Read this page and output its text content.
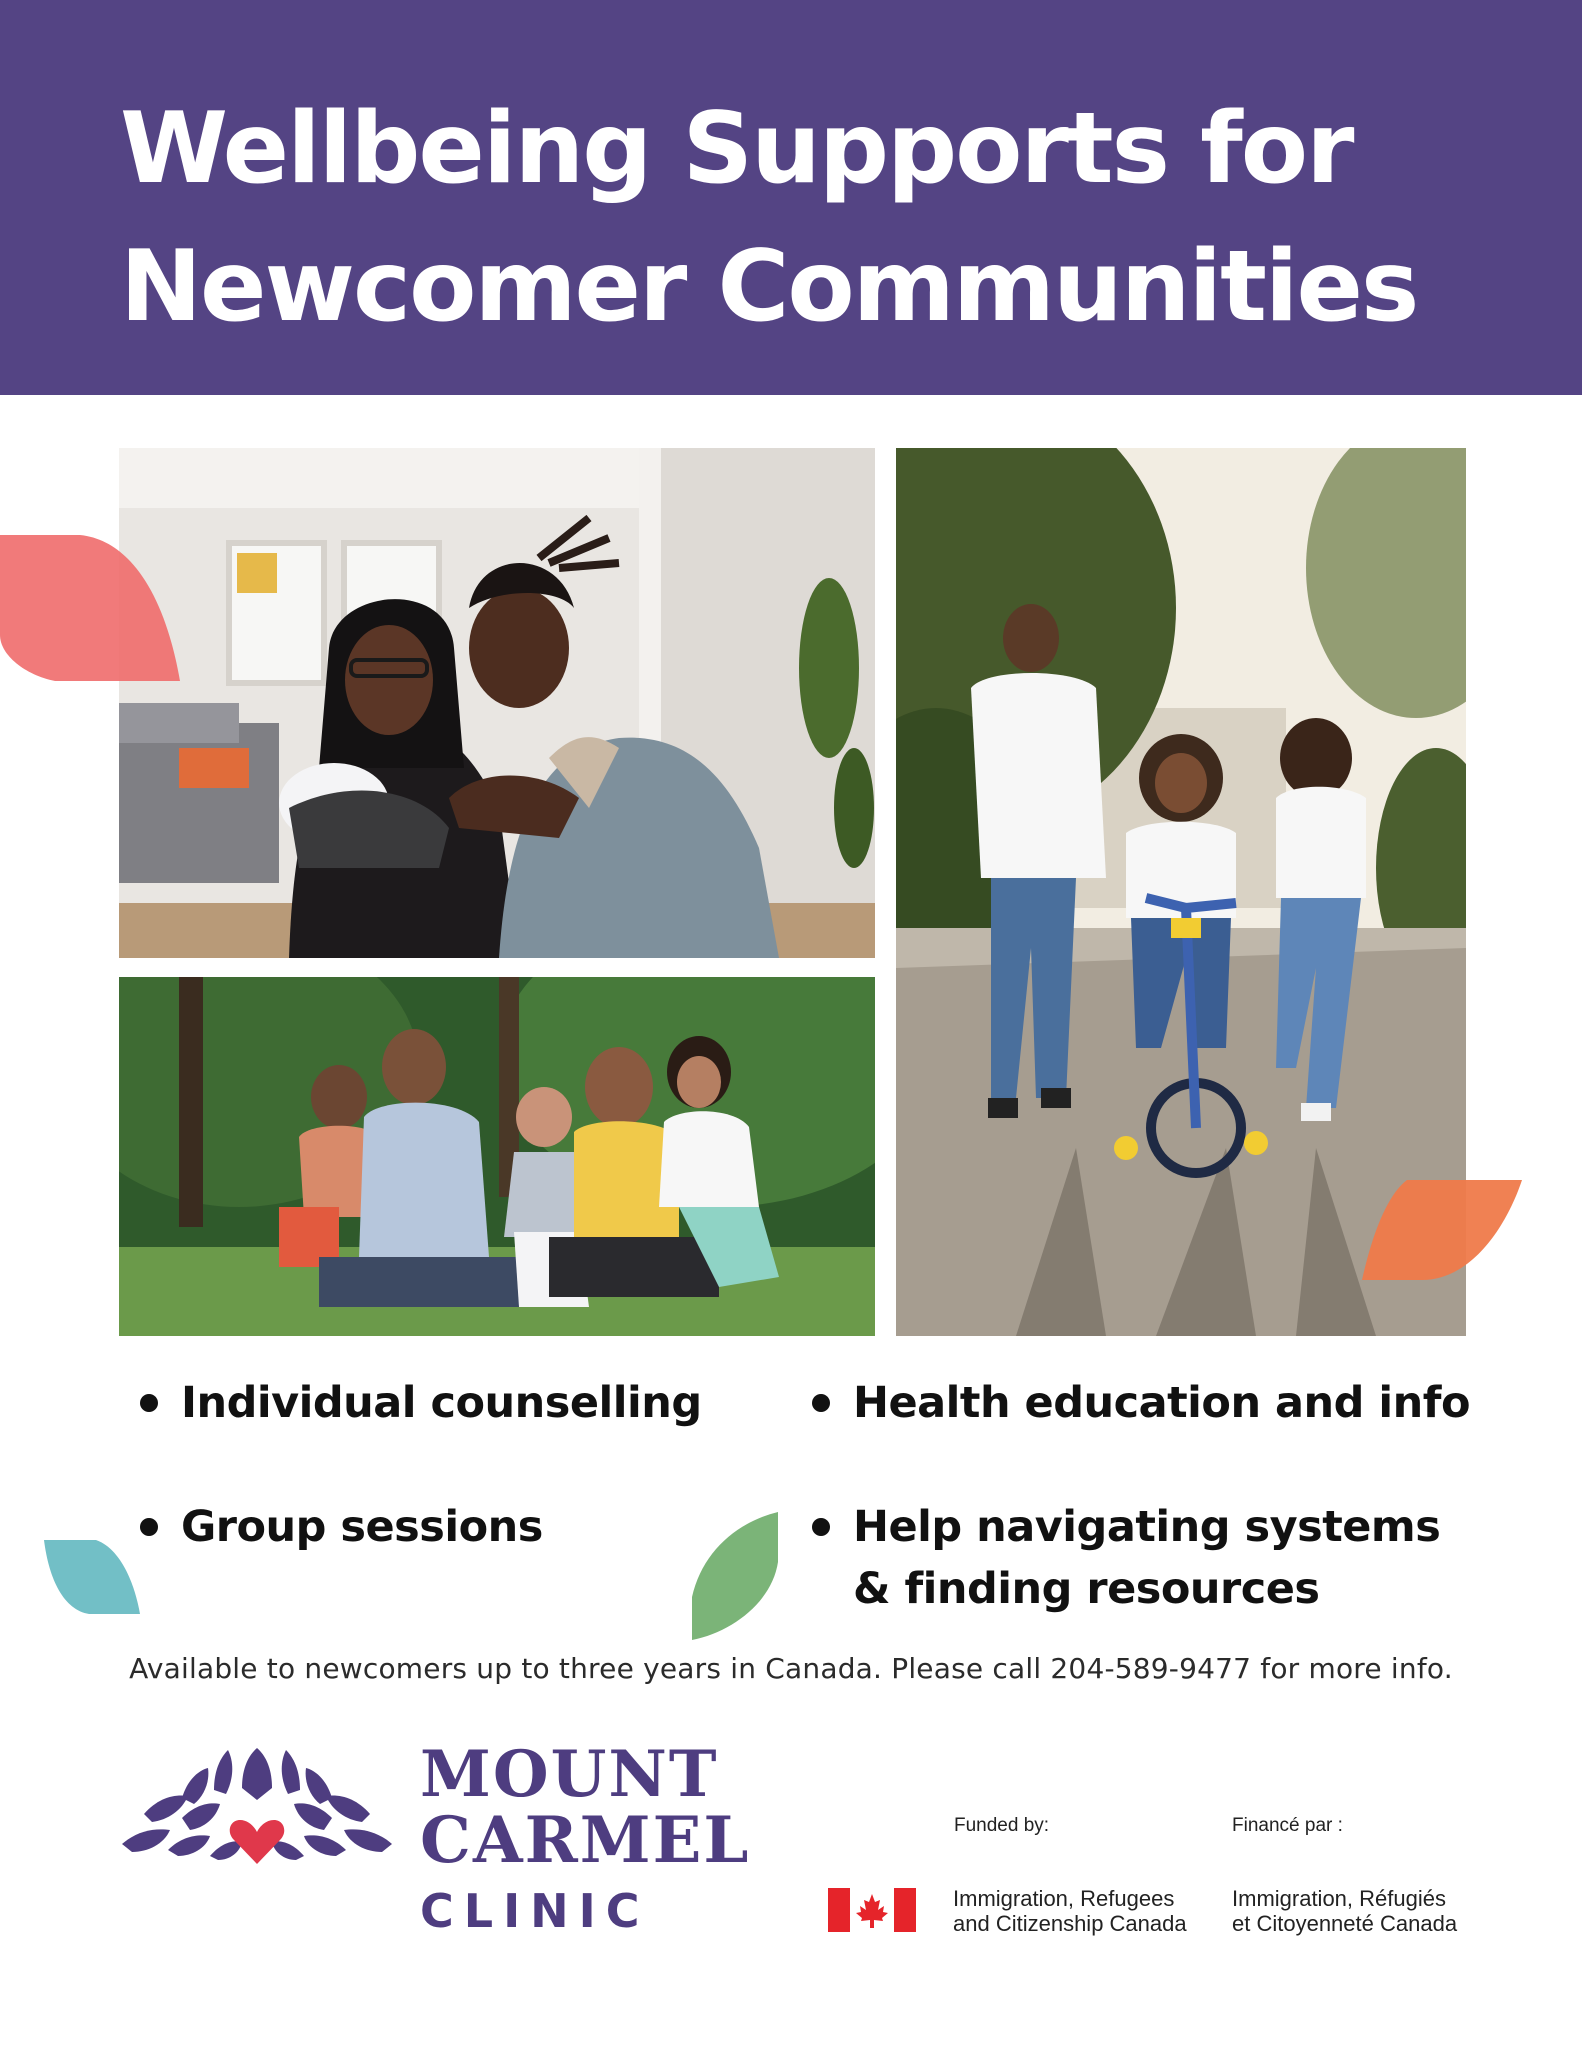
Wellbeing Supports for
Newcomer Communities
Individual counselling	Health education and info
Group sessions	Help navigating systems
& finding resources
Available to newcomers up to three years in Canada. Please call 204-589-9477 for more info.
MOUNT
CARMEL
CLINIC
Funded by:	Financé par :
Immigration, Refugees
and Citizenship Canada
Immigration, Réfugiés
et Citoyenneté Canada
